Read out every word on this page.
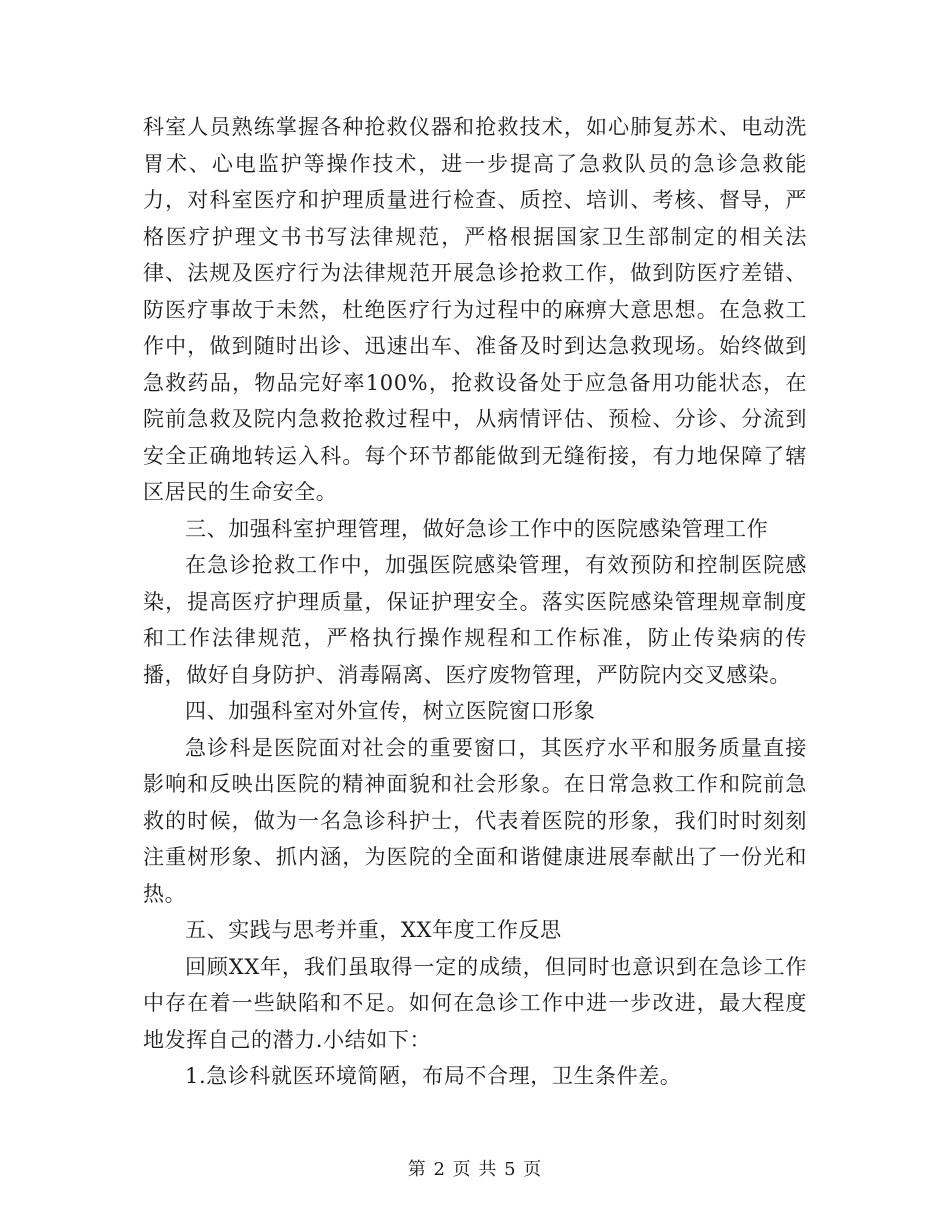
科室人员熟练掌握各种抢救仪器和抢救技术，如心肺复苏术、电动洗胃术、心电监护等操作技术，进一步提高了急救队员的急诊急救能力，对科室医疗和护理质量进行检查、质控、培训、考核、督导，严格医疗护理文书书写法律规范，严格根据国家卫生部制定的相关法律、法规及医疗行为法律规范开展急诊抢救工作，做到防医疗差错、防医疗事故于未然，杜绝医疗行为过程中的麻痹大意思想。在急救工作中，做到随时出诊、迅速出车、准备及时到达急救现场。始终做到急救药品，物品完好率100%，抢救设备处于应急备用功能状态，在院前急救及院内急救抢救过程中，从病情评估、预检、分诊、分流到安全正确地转运入科。每个环节都能做到无缝衔接，有力地保障了辖区居民的生命安全。

三、加强科室护理管理，做好急诊工作中的医院感染管理工作

在急诊抢救工作中，加强医院感染管理，有效预防和控制医院感染，提高医疗护理质量，保证护理安全。落实医院感染管理规章制度和工作法律规范，严格执行操作规程和工作标准，防止传染病的传播，做好自身防护、消毒隔离、医疗废物管理，严防院内交叉感染。

四、加强科室对外宣传，树立医院窗口形象

急诊科是医院面对社会的重要窗口，其医疗水平和服务质量直接影响和反映出医院的精神面貌和社会形象。在日常急救工作和院前急救的时候，做为一名急诊科护士，代表着医院的形象，我们时时刻刻注重树形象、抓内涵，为医院的全面和谐健康进展奉献出了一份光和热。

五、实践与思考并重，XX年度工作反思

回顾XX年，我们虽取得一定的成绩，但同时也意识到在急诊工作中存在着一些缺陷和不足。如何在急诊工作中进一步改进，最大程度地发挥自己的潜力.小结如下：

1.急诊科就医环境简陋，布局不合理，卫生条件差。

第 2 页 共 5 页
